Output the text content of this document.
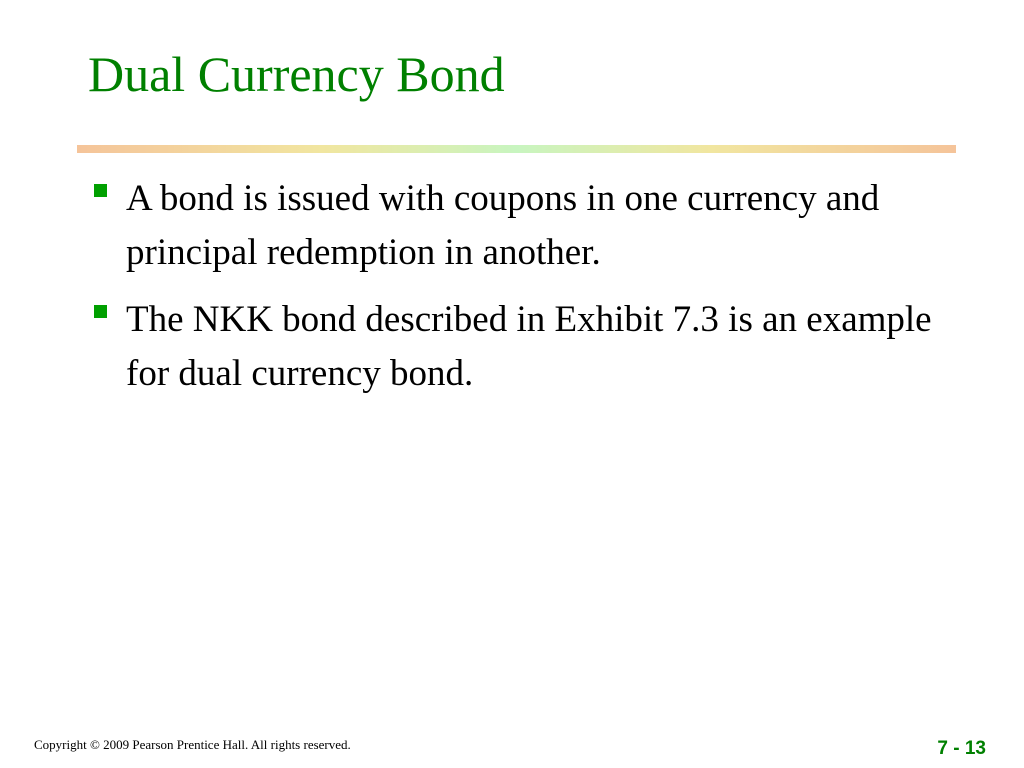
Dual Currency Bond
A bond is issued with coupons in one currency and principal redemption in another.
The NKK bond described in Exhibit 7.3 is an example for dual currency bond.
Copyright © 2009 Pearson Prentice Hall. All rights reserved.	7 - 13
